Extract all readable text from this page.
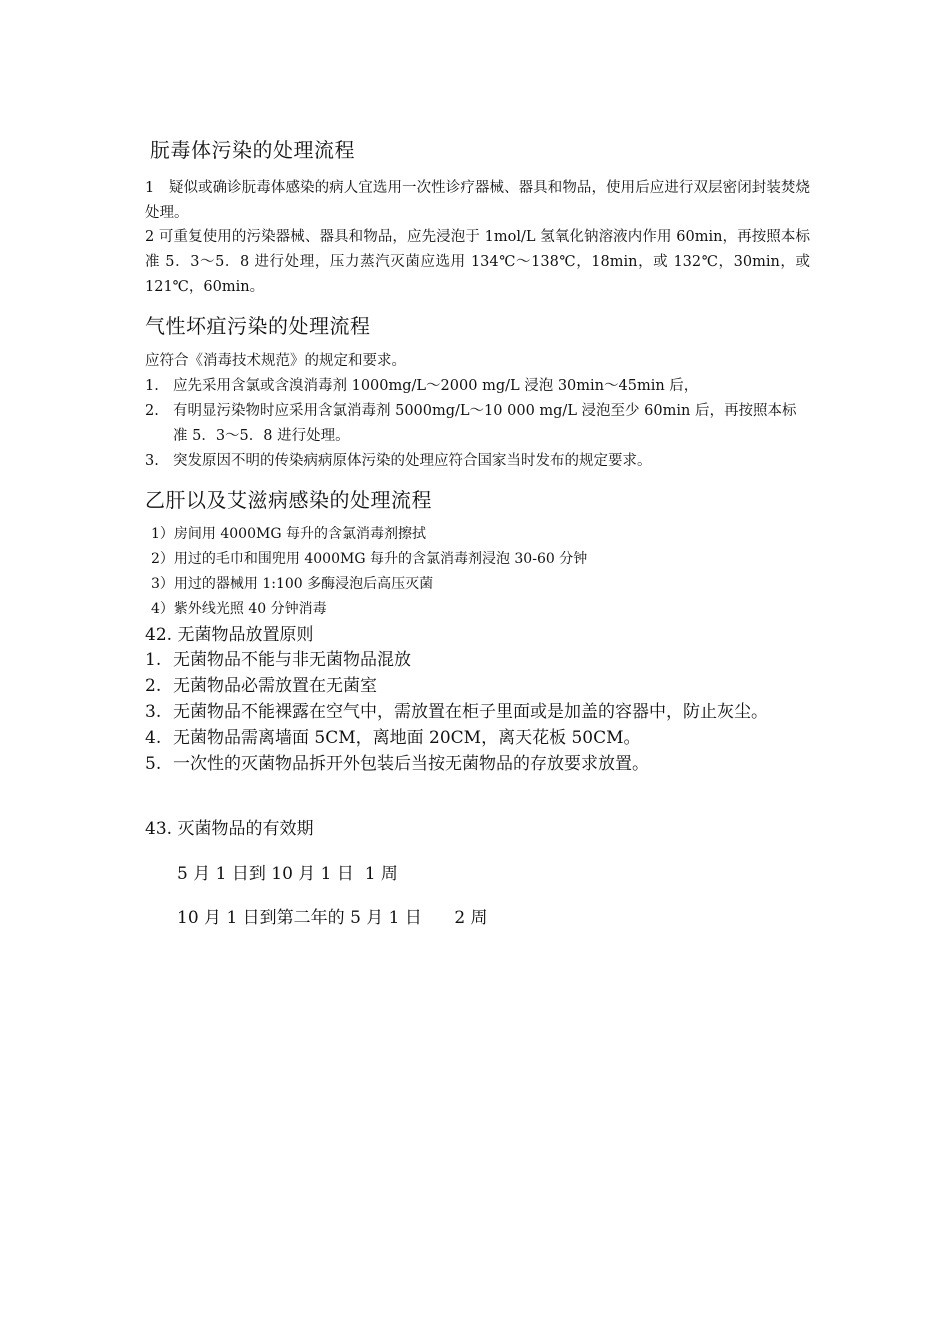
朊毒体污染的处理流程
1　疑似或确诊朊毒体感染的病人宜选用一次性诊疗器械、器具和物品，使用后应进行双层密闭封装焚烧处理。
2 可重复使用的污染器械、器具和物品，应先浸泡于 1mol/L 氢氧化钠溶液内作用 60min，再按照本标准 5．3～5．8 进行处理，压力蒸汽灭菌应选用 134℃～138℃，18min，或 132℃，30min，或 121℃，60min。
气性坏疽污染的处理流程
应符合《消毒技术规范》的规定和要求。
1. 应先采用含氯或含溴消毒剂 1000mg/L～2000 mg/L 浸泡 30min～45min 后，
2. 有明显污染物时应采用含氯消毒剂 5000mg/L～10 000 mg/L 浸泡至少 60min 后，再按照本标准 5．3～5．8 进行处理。
3. 突发原因不明的传染病病原体污染的处理应符合国家当时发布的规定要求。
乙肝以及艾滋病感染的处理流程
1）房间用 4000MG 每升的含氯消毒剂擦拭
2）用过的毛巾和围兜用 4000MG 每升的含氯消毒剂浸泡 30-60 分钟
3）用过的器械用 1:100 多酶浸泡后高压灭菌
4）紫外线光照 40 分钟消毒
42. 无菌物品放置原则
1. 无菌物品不能与非无菌物品混放
2. 无菌物品必需放置在无菌室
3. 无菌物品不能裸露在空气中，需放置在柜子里面或是加盖的容器中，防止灰尘。
4. 无菌物品需离墙面 5CM，离地面 20CM，离天花板 50CM。
5. 一次性的灭菌物品拆开外包装后当按无菌物品的存放要求放置。
43. 灭菌物品的有效期
5 月 1 日到 10 月 1 日  1 周
10 月 1 日到第二年的 5 月 1 日      2 周
